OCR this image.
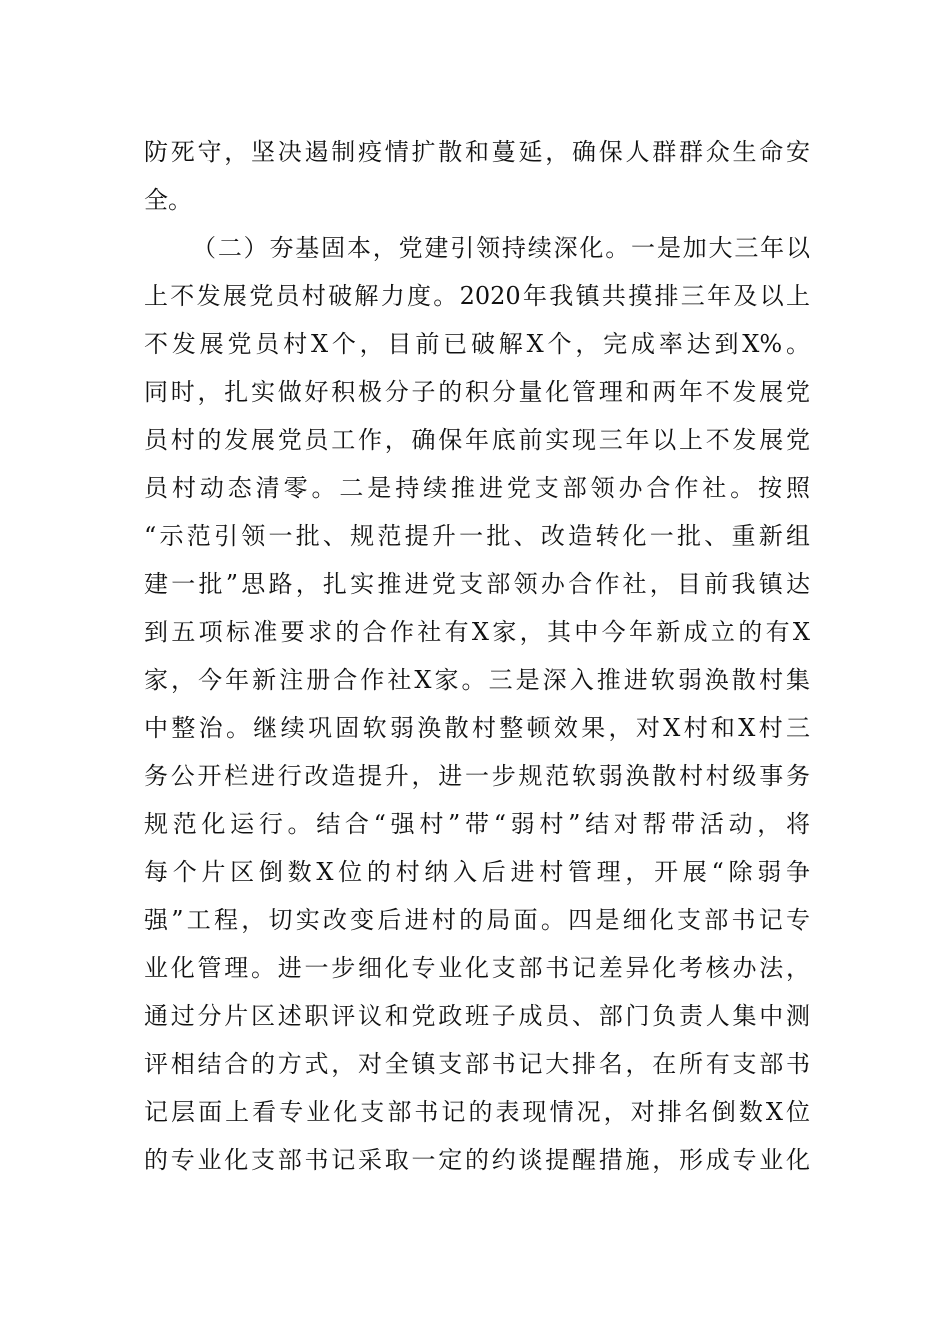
防死守，坚决遏制疫情扩散和蔓延，确保人群群众生命安
全。
（二）夯基固本，党建引领持续深化。一是加大三年以
上不发展党员村破解力度。2020年我镇共摸排三年及以上
不发展党员村X个，目前已破解X个，完成率达到X%。
同时，扎实做好积极分子的积分量化管理和两年不发展党
员村的发展党员工作，确保年底前实现三年以上不发展党
员村动态清零。二是持续推进党支部领办合作社。按照
“示范引领一批、规范提升一批、改造转化一批、重新组
建一批”思路，扎实推进党支部领办合作社，目前我镇达
到五项标准要求的合作社有X家，其中今年新成立的有X
家，今年新注册合作社X家。三是深入推进软弱涣散村集
中整治。继续巩固软弱涣散村整顿效果，对X村和X村三
务公开栏进行改造提升，进一步规范软弱涣散村村级事务
规范化运行。结合“强村”带“弱村”结对帮带活动，将
每个片区倒数X位的村纳入后进村管理，开展“除弱争
强”工程，切实改变后进村的局面。四是细化支部书记专
业化管理。进一步细化专业化支部书记差异化考核办法，
通过分片区述职评议和党政班子成员、部门负责人集中测
评相结合的方式，对全镇支部书记大排名，在所有支部书
记层面上看专业化支部书记的表现情况，对排名倒数X位
的专业化支部书记采取一定的约谈提醒措施，形成专业化
